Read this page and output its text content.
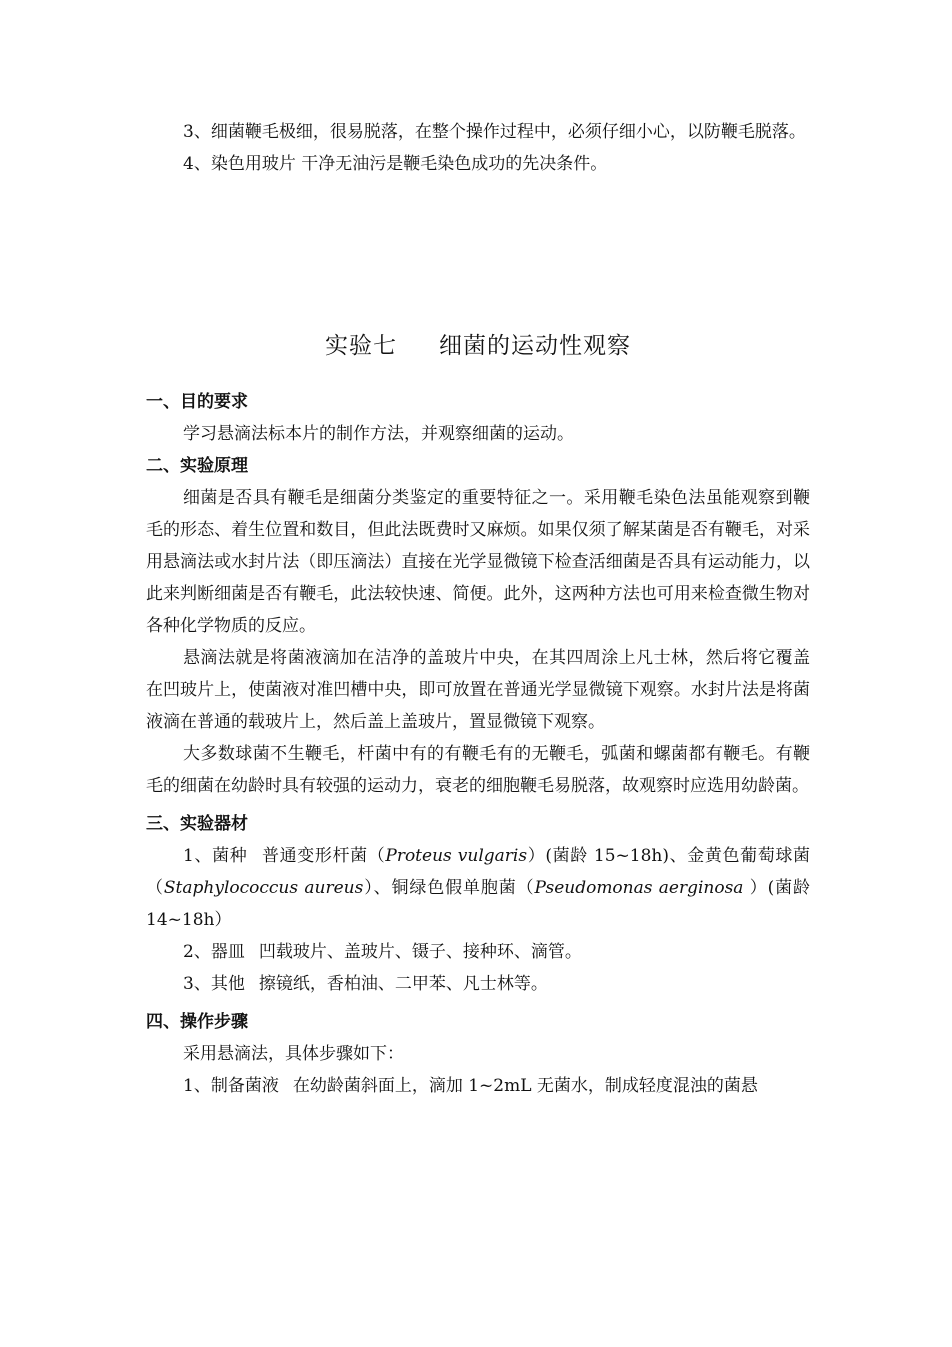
3、细菌鞭毛极细，很易脱落，在整个操作过程中，必须仔细小心，以防鞭毛脱落。

4、染色用玻片 干净无油污是鞭毛染色成功的先决条件。

实验七 细菌的运动性观察
一、目的要求

学习悬滴法标本片的制作方法，并观察细菌的运动。

二、实验原理

细菌是否具有鞭毛是细菌分类鉴定的重要特征之一。采用鞭毛染色法虽能观察到鞭毛的形态、着生位置和数目，但此法既费时又麻烦。如果仅须了解某菌是否有鞭毛，对采用悬滴法或水封片法（即压滴法）直接在光学显微镜下检查活细菌是否具有运动能力，以此来判断细菌是否有鞭毛，此法较快速、简便。此外，这两种方法也可用来检查微生物对各种化学物质的反应。

悬滴法就是将菌液滴加在洁净的盖玻片中央，在其四周涂上凡士林，然后将它覆盖在凹玻片上，使菌液对准凹槽中央，即可放置在普通光学显微镜下观察。水封片法是将菌液滴在普通的载玻片上，然后盖上盖玻片，置显微镜下观察。

大多数球菌不生鞭毛，杆菌中有的有鞭毛有的无鞭毛，弧菌和螺菌都有鞭毛。有鞭毛的细菌在幼龄时具有较强的运动力，衰老的细胞鞭毛易脱落，故观察时应选用幼龄菌。

三、实验器材

1、菌种 普通变形杆菌（Proteus vulgaris）(菌龄 15~18h)、金黄色葡萄球菌（Staphylococcus aureus）、铜绿色假单胞菌（Pseudomonas aerginosa ）(菌龄 14~18h）

2、器皿 凹载玻片、盖玻片、镊子、接种环、滴管。

3、其他 擦镜纸，香柏油、二甲苯、凡士林等。

四、操作步骤

采用悬滴法，具体步骤如下：

1、制备菌液 在幼龄菌斜面上，滴加 1~2mL 无菌水，制成轻度混浊的菌悬
